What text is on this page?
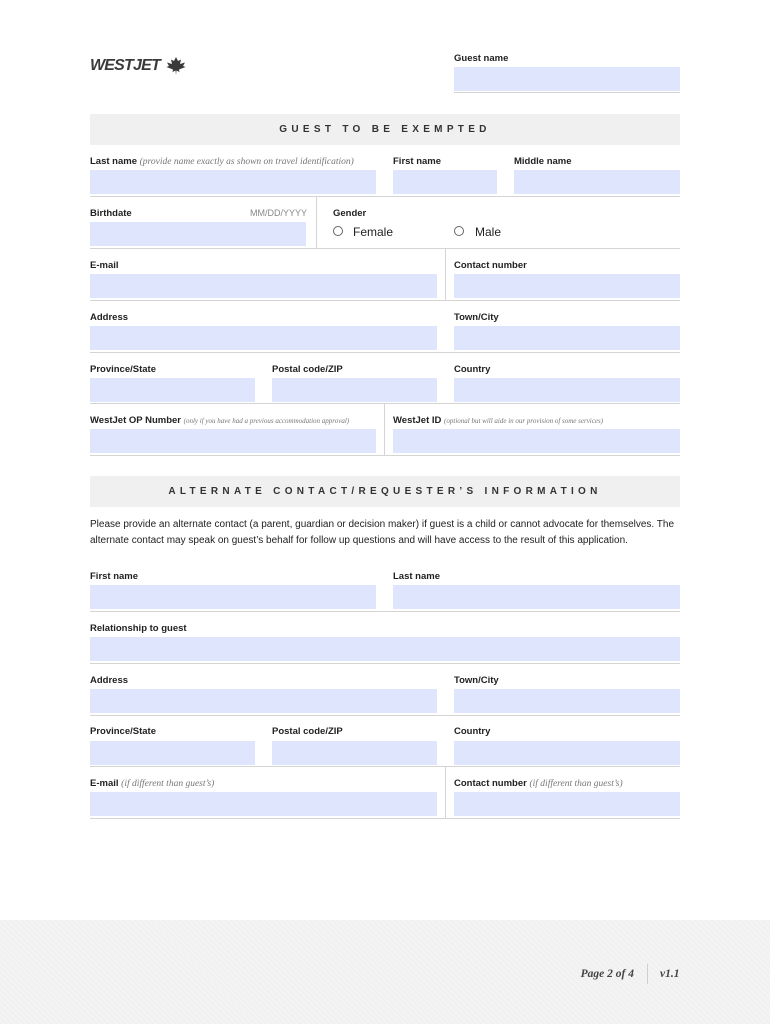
WESTJET	Guest name
GUEST TO BE EXEMPTED
Last name (provide name exactly as shown on travel identification)	First name	Middle name
Birthdate	MM/DD/YYYY	Gender
Female	Male
E-mail	Contact number
Address	Town/City
Province/State	Postal code/ZIP	Country
WestJet OP Number (only if you have had a previous accommodation approval)	WestJet ID (optional but will aide in our provision of some services)
ALTERNATE CONTACT/REQUESTER’S INFORMATION
Please provide an alternate contact (a parent, guardian or decision maker) if guest is a child or cannot advocate for themselves. The alternate contact may speak on guest’s behalf for follow up questions and will have access to the result of this application.
First name	Last name
Relationship to guest
Address	Town/City
Province/State	Postal code/ZIP	Country
E-mail (if different than guest’s)	Contact number (if different than guest’s)
Page 2 of 4 v1.1
